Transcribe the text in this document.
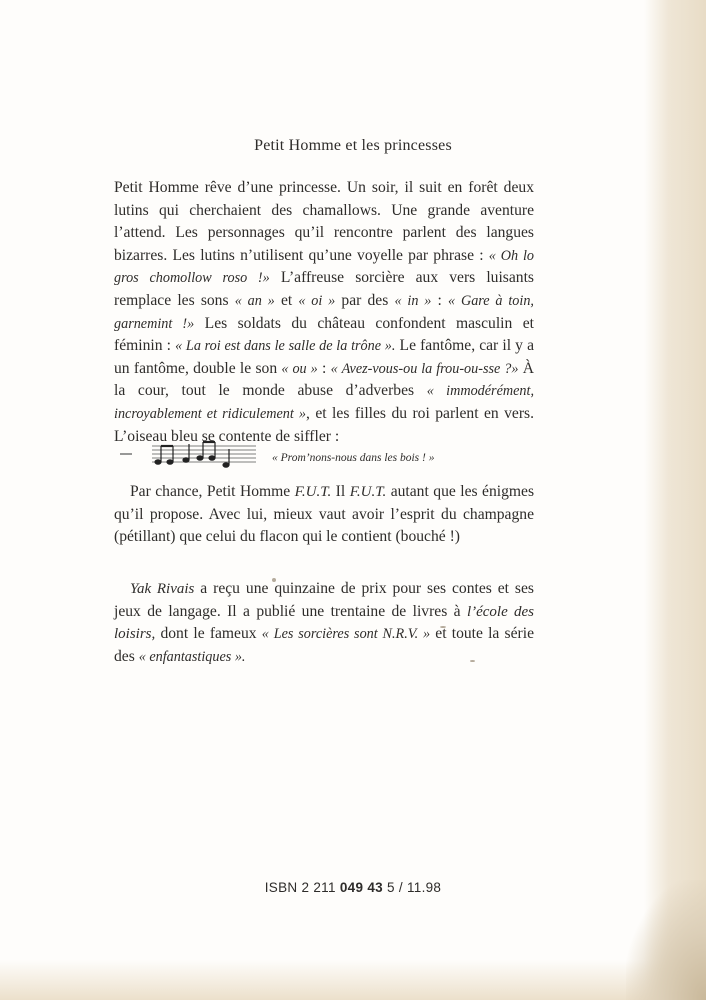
Petit Homme et les princesses

Petit Homme rêve d’une princesse. Un soir, il suit en forêt deux lutins qui cherchaient des chamallows. Une grande aventure l’attend. Les personnages qu’il rencontre parlent des langues bizarres. Les lutins n’utilisent qu’une voyelle par phrase : « Oh lo gros chomollow roso !» L’affreuse sorcière aux vers luisants remplace les sons « an » et « oi » par des « in » : « Gare à toin, garnemint !» Les soldats du château confondent masculin et féminin : « La roi est dans le salle de la trône ». Le fantôme, car il y a un fantôme, double le son « ou » : « Avez-vous-ou la frou-ou-sse ?» À la cour, tout le monde abuse d’adverbes « immodérément, incroyablement et ridiculement », et les filles du roi parlent en vers. L’oiseau bleu se contente de siffler :

« Prom’nons-nous dans les bois ! »

Par chance, Petit Homme F.U.T. Il F.U.T. autant que les énigmes qu’il propose. Avec lui, mieux vaut avoir l’esprit du champagne (pétillant) que celui du flacon qui le contient (bouché !)

Yak Rivais a reçu une quinzaine de prix pour ses contes et ses jeux de langage. Il a publié une trentaine de livres à l’école des loisirs, dont le fameux « Les sorcières sont N.R.V. » et toute la série des « enfantastiques ».

ISBN 2 211 049 43 5 / 11.98
